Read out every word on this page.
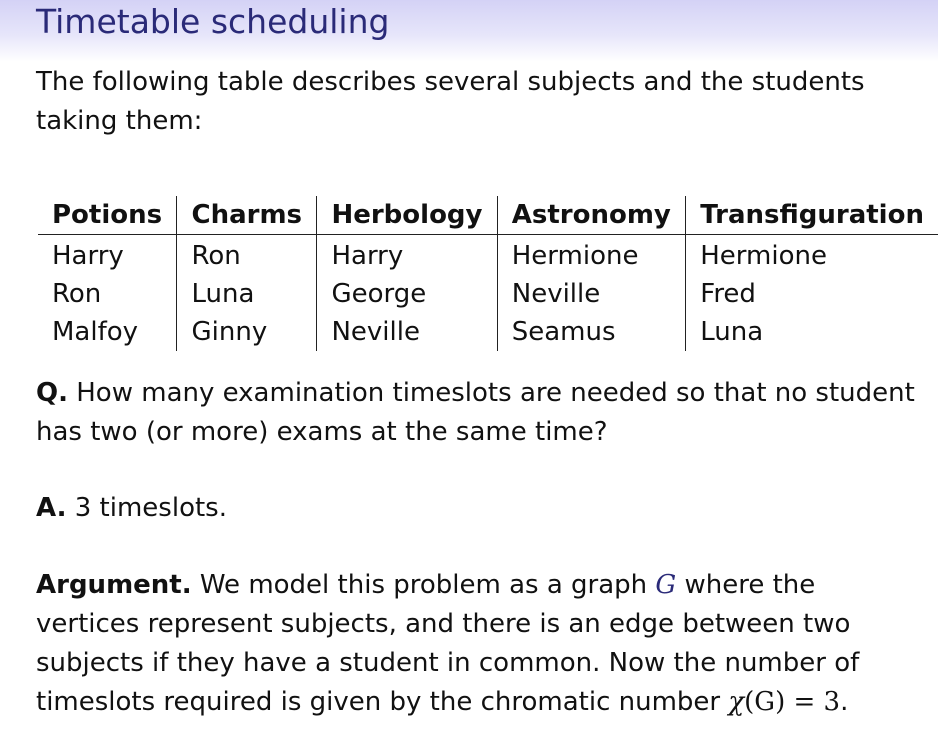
Timetable scheduling

The following table describes several subjects and the students taking them:

Potions	Charms	Herbology	Astronomy	Transfiguration
Harry	Ron	Harry	Hermione	Hermione
Ron	Luna	George	Neville	Fred
Malfoy	Ginny	Neville	Seamus	Luna

Q. How many examination timeslots are needed so that no student has two (or more) exams at the same time?

A. 3 timeslots.

Argument. We model this problem as a graph G where the vertices represent subjects, and there is an edge between two subjects if they have a student in common. Now the number of timeslots required is given by the chromatic number χ(G) = 3.
